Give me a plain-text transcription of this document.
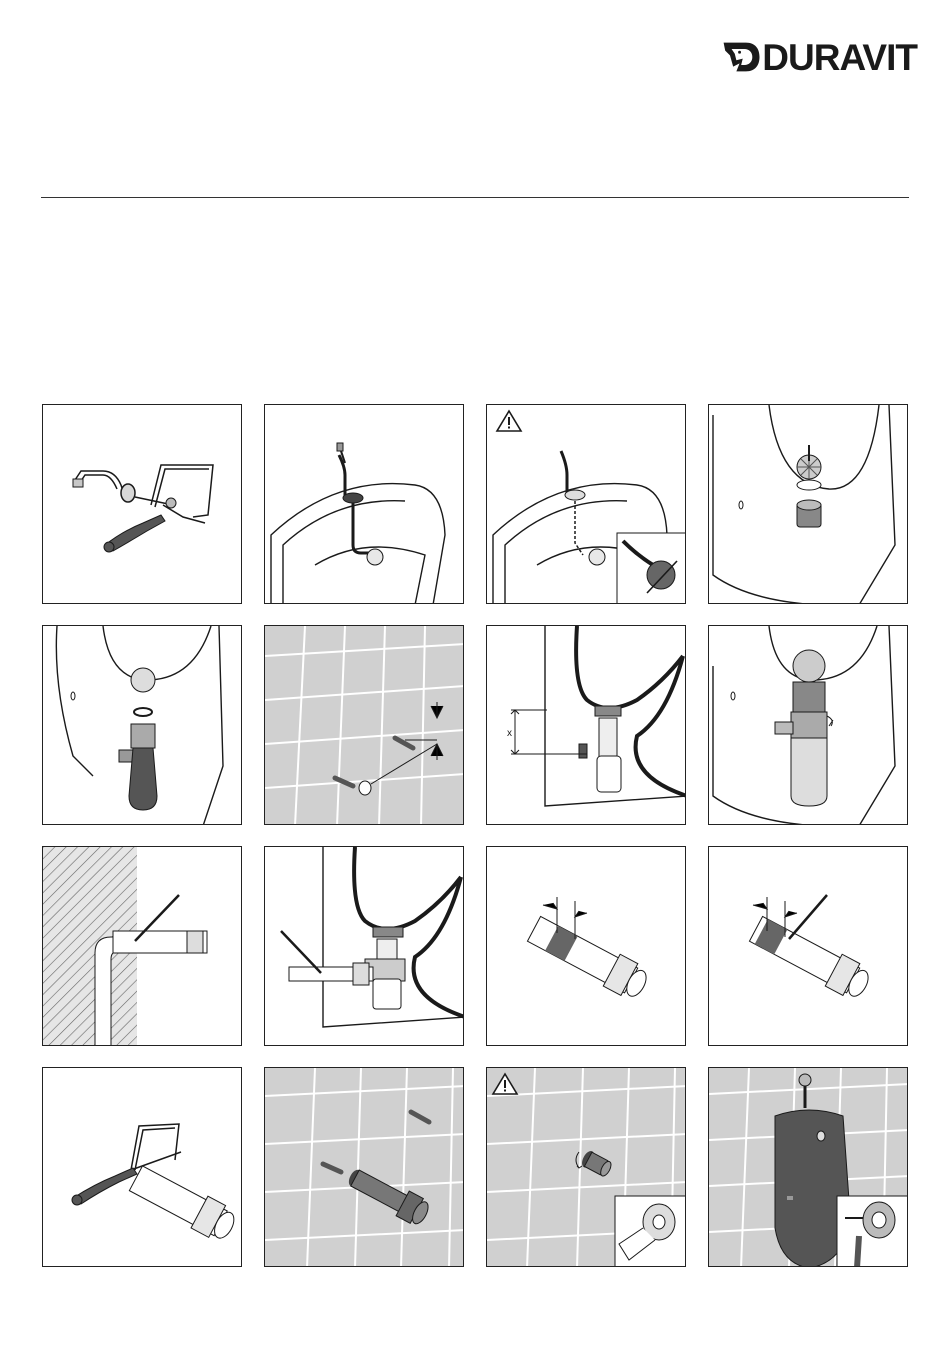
DURAVIT
x
